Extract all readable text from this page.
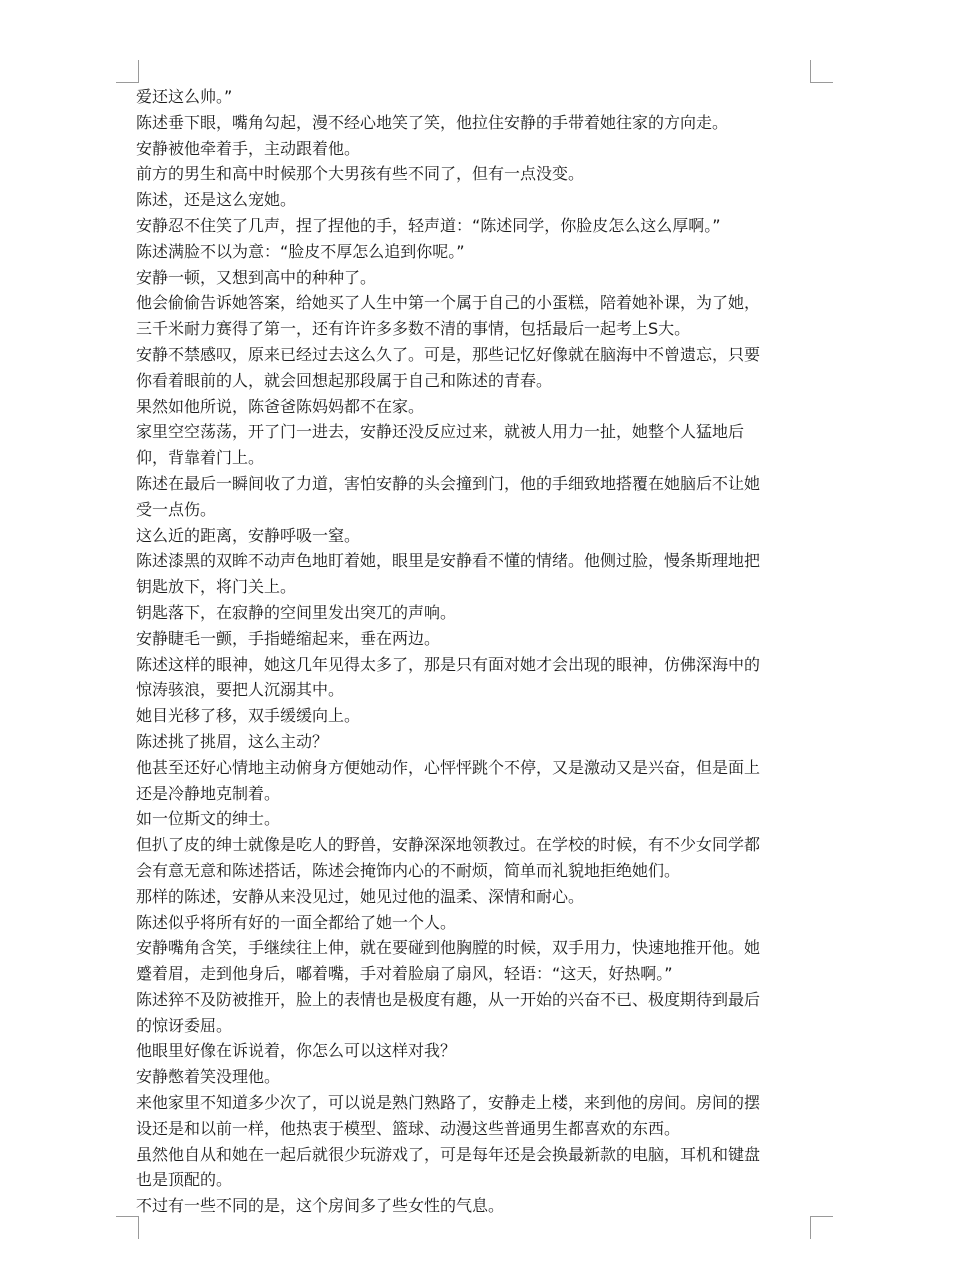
爱还这么帅。”
陈述垂下眼，嘴角勾起，漫不经心地笑了笑，他拉住安静的手带着她往家的方向走。
安静被他牵着手，主动跟着他。
前方的男生和高中时候那个大男孩有些不同了，但有一点没变。
陈述，还是这么宠她。
安静忍不住笑了几声，捏了捏他的手，轻声道：“陈述同学，你脸皮怎么这么厚啊。”
陈述满脸不以为意：“脸皮不厚怎么追到你呢。”
安静一顿，又想到高中的种种了。
他会偷偷告诉她答案，给她买了人生中第一个属于自己的小蛋糕，陪着她补课，为了她，
三千米耐力赛得了第一，还有许许多多数不清的事情，包括最后一起考上S大。
安静不禁感叹，原来已经过去这么久了。可是，那些记忆好像就在脑海中不曾遗忘，只要
你看着眼前的人，就会回想起那段属于自己和陈述的青春。
果然如他所说，陈爸爸陈妈妈都不在家。
家里空空荡荡，开了门一进去，安静还没反应过来，就被人用力一扯，她整个人猛地后
仰，背靠着门上。
陈述在最后一瞬间收了力道，害怕安静的头会撞到门，他的手细致地搭覆在她脑后不让她
受一点伤。
这么近的距离，安静呼吸一窒。
陈述漆黑的双眸不动声色地盯着她，眼里是安静看不懂的情绪。他侧过脸，慢条斯理地把
钥匙放下，将门关上。
钥匙落下，在寂静的空间里发出突兀的声响。
安静睫毛一颤，手指蜷缩起来，垂在两边。
陈述这样的眼神，她这几年见得太多了，那是只有面对她才会出现的眼神，仿佛深海中的
惊涛骇浪，要把人沉溺其中。
她目光移了移，双手缓缓向上。
陈述挑了挑眉，这么主动？
他甚至还好心情地主动俯身方便她动作，心怦怦跳个不停，又是激动又是兴奋，但是面上
还是冷静地克制着。
如一位斯文的绅士。
但扒了皮的绅士就像是吃人的野兽，安静深深地领教过。在学校的时候，有不少女同学都
会有意无意和陈述搭话，陈述会掩饰内心的不耐烦，简单而礼貌地拒绝她们。
那样的陈述，安静从来没见过，她见过他的温柔、深情和耐心。
陈述似乎将所有好的一面全都给了她一个人。
安静嘴角含笑，手继续往上伸，就在要碰到他胸膛的时候，双手用力，快速地推开他。她
蹙着眉，走到他身后，嘟着嘴，手对着脸扇了扇风，轻语：“这天，好热啊。”
陈述猝不及防被推开，脸上的表情也是极度有趣，从一开始的兴奋不已、极度期待到最后
的惊讶委屈。
他眼里好像在诉说着，你怎么可以这样对我？
安静憋着笑没理他。
来他家里不知道多少次了，可以说是熟门熟路了，安静走上楼，来到他的房间。房间的摆
设还是和以前一样，他热衷于模型、篮球、动漫这些普通男生都喜欢的东西。
虽然他自从和她在一起后就很少玩游戏了，可是每年还是会换最新款的电脑，耳机和键盘
也是顶配的。
不过有一些不同的是，这个房间多了些女性的气息。
